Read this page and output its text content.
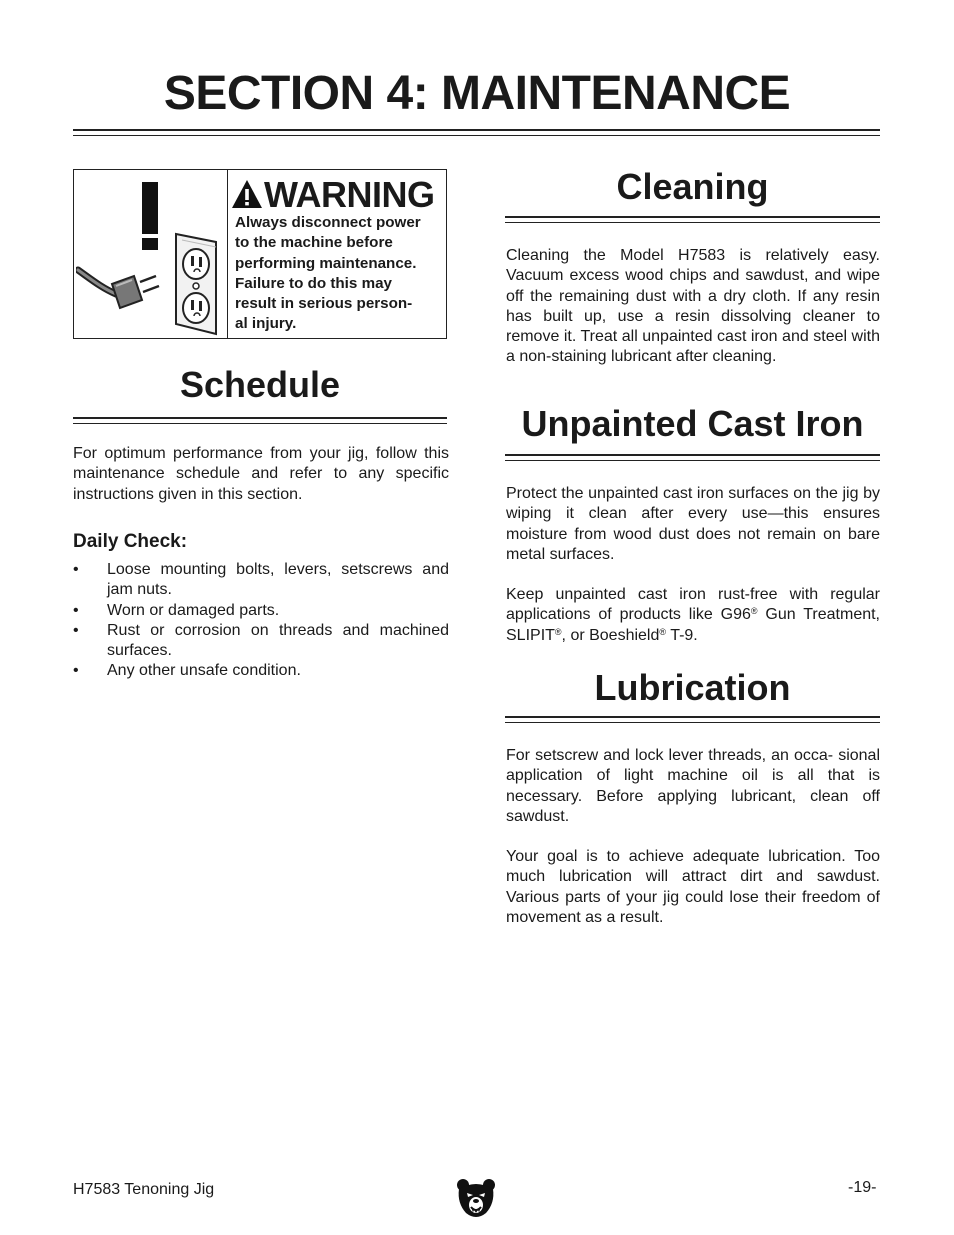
SECTION 4: MAINTENANCE
WARNING
Always disconnect power
to the machine before
performing maintenance.
Failure to do this may
result in serious person-
al injury.
Schedule

For optimum performance from your jig, follow this maintenance schedule and refer to any specific instructions given in this section.

Daily Check:
• Loose mounting bolts, levers, setscrews and jam nuts.
• Worn or damaged parts.
• Rust or corrosion on threads and machined surfaces.
• Any other unsafe condition.
Cleaning

Cleaning the Model H7583 is relatively easy. Vacuum excess wood chips and sawdust, and wipe off the remaining dust with a dry cloth. If any resin has built up, use a resin dissolving cleaner to remove it. Treat all unpainted cast iron and steel with a non-staining lubricant after cleaning.

Unpainted Cast Iron

Protect the unpainted cast iron surfaces on the jig by wiping it clean after every use—this ensures moisture from wood dust does not remain on bare metal surfaces.

Keep unpainted cast iron rust-free with regular applications of products like G96® Gun Treatment, SLIPIT®, or Boeshield® T-9.

Lubrication

For setscrew and lock lever threads, an occa- sional application of light machine oil is all that is necessary. Before applying lubricant, clean off sawdust.

Your goal is to achieve adequate lubrication. Too much lubrication will attract dirt and sawdust. Various parts of your jig could lose their freedom of movement as a result.

H7583 Tenoning Jig	-19-
